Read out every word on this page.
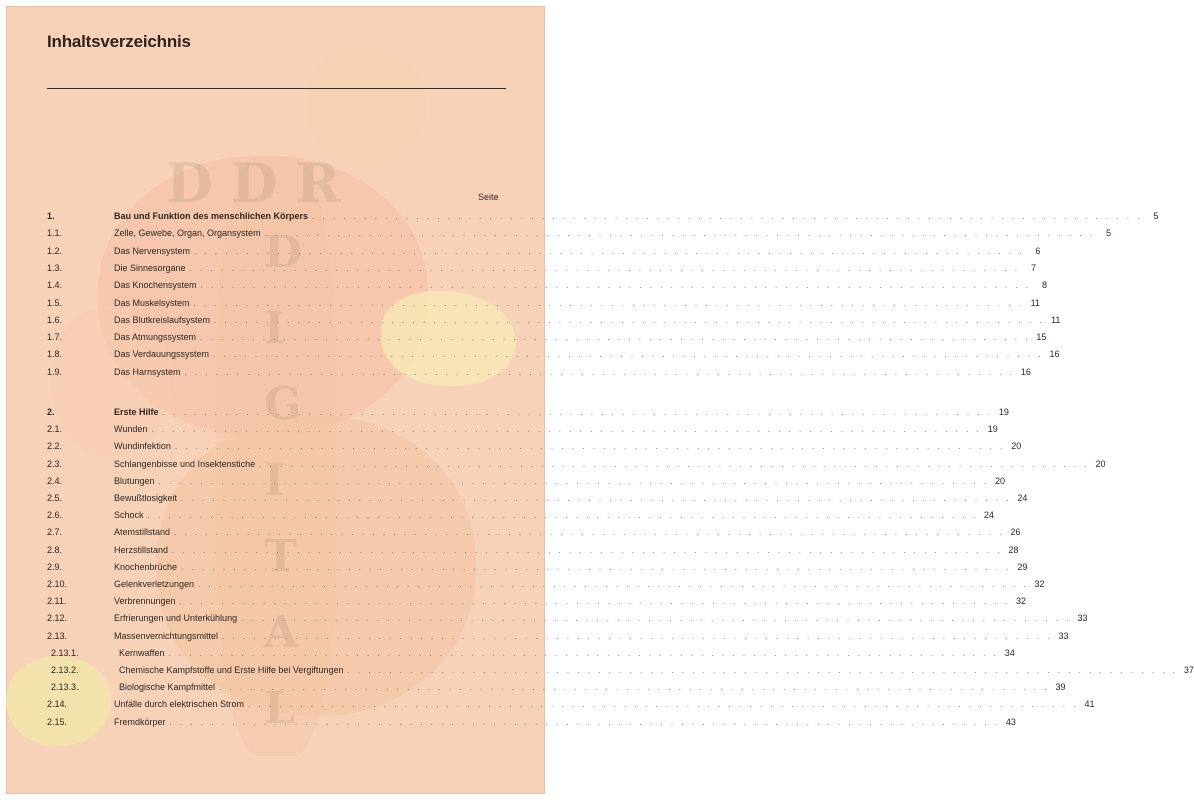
DDR
D
I
G
I
T
A
L
Inhaltsverzeichnis
Seite
1.	Bau und Funktion des menschlichen Körpers . . . . . . . . . . . . . . . . . . . . . . . . . . . . . . . . . . . . . . . . . . . . . . . . . . . . . . . . . . . . . . . . . . . . . . . . . . . . . . . .	5
1.1.	Zelle, Gewebe, Organ, Organsystem . . . . . . . . . . . . . . . . . . . . . . . . . . . . . . . . . . . . . . . . . . . . . . . . . . . . . . . . . . . . . . . . . . . . . . . . . . . . . . . .	5
1.2.	Das Nervensystem . . . . . . . . . . . . . . . . . . . . . . . . . . . . . . . . . . . . . . . . . . . . . . . . . . . . . . . . . . . . . . . . . . . . . . . . . . . . . . . .	6
1.3.	Die Sinnesorgane . . . . . . . . . . . . . . . . . . . . . . . . . . . . . . . . . . . . . . . . . . . . . . . . . . . . . . . . . . . . . . . . . . . . . . . . . . . . . . . .	7
1.4.	Das Knochensystem . . . . . . . . . . . . . . . . . . . . . . . . . . . . . . . . . . . . . . . . . . . . . . . . . . . . . . . . . . . . . . . . . . . . . . . . . . . . . . . .	8
1.5.	Das Muskelsystem . . . . . . . . . . . . . . . . . . . . . . . . . . . . . . . . . . . . . . . . . . . . . . . . . . . . . . . . . . . . . . . . . . . . . . . . . . . . . . . . 11
1.6.	Das Blutkreislaufsystem . . . . . . . . . . . . . . . . . . . . . . . . . . . . . . . . . . . . . . . . . . . . . . . . . . . . . . . . . . . . . . . . . . . . . . . . . . . . . . . . 11
1.7.	Das Atmungssystem . . . . . . . . . . . . . . . . . . . . . . . . . . . . . . . . . . . . . . . . . . . . . . . . . . . . . . . . . . . . . . . . . . . . . . . . . . . . . . . . 15
1.8.	Das Verdauungssystem . . . . . . . . . . . . . . . . . . . . . . . . . . . . . . . . . . . . . . . . . . . . . . . . . . . . . . . . . . . . . . . . . . . . . . . . . . . . . . . . 16
1.9.	Das Harnsystem . . . . . . . . . . . . . . . . . . . . . . . . . . . . . . . . . . . . . . . . . . . . . . . . . . . . . . . . . . . . . . . . . . . . . . . . . . . . . . . . 16
2.	Erste Hilfe . . . . . . . . . . . . . . . . . . . . . . . . . . . . . . . . . . . . . . . . . . . . . . . . . . . . . . . . . . . . . . . . . . . . . . . . . . . . . . . . 19
2.1.	Wunden . . . . . . . . . . . . . . . . . . . . . . . . . . . . . . . . . . . . . . . . . . . . . . . . . . . . . . . . . . . . . . . . . . . . . . . . . . . . . . . . 19
2.2.	Wundinfektion . . . . . . . . . . . . . . . . . . . . . . . . . . . . . . . . . . . . . . . . . . . . . . . . . . . . . . . . . . . . . . . . . . . . . . . . . . . . . . . . 20
2.3.	Schlangenbisse und Insektenstiche . . . . . . . . . . . . . . . . . . . . . . . . . . . . . . . . . . . . . . . . . . . . . . . . . . . . . . . . . . . . . . . . . . . . . . . . . . . . . . . . 20
2.4.	Blutungen . . . . . . . . . . . . . . . . . . . . . . . . . . . . . . . . . . . . . . . . . . . . . . . . . . . . . . . . . . . . . . . . . . . . . . . . . . . . . . . . 20
2.5.	Bewußtlosigkeit . . . . . . . . . . . . . . . . . . . . . . . . . . . . . . . . . . . . . . . . . . . . . . . . . . . . . . . . . . . . . . . . . . . . . . . . . . . . . . . . 24
2.6.	Schock . . . . . . . . . . . . . . . . . . . . . . . . . . . . . . . . . . . . . . . . . . . . . . . . . . . . . . . . . . . . . . . . . . . . . . . . . . . . . . . . 24
2.7.	Atemstillstand . . . . . . . . . . . . . . . . . . . . . . . . . . . . . . . . . . . . . . . . . . . . . . . . . . . . . . . . . . . . . . . . . . . . . . . . . . . . . . . . 26
2.8.	Herzstillstand . . . . . . . . . . . . . . . . . . . . . . . . . . . . . . . . . . . . . . . . . . . . . . . . . . . . . . . . . . . . . . . . . . . . . . . . . . . . . . . . 28
2.9.	Knochenbrüche . . . . . . . . . . . . . . . . . . . . . . . . . . . . . . . . . . . . . . . . . . . . . . . . . . . . . . . . . . . . . . . . . . . . . . . . . . . . . . . . 29
2.10.	Gelenkverletzungen . . . . . . . . . . . . . . . . . . . . . . . . . . . . . . . . . . . . . . . . . . . . . . . . . . . . . . . . . . . . . . . . . . . . . . . . . . . . . . . . 32
2.11.	Verbrennungen . . . . . . . . . . . . . . . . . . . . . . . . . . . . . . . . . . . . . . . . . . . . . . . . . . . . . . . . . . . . . . . . . . . . . . . . . . . . . . . . 32
2.12.	Erfrierungen und Unterkühlung . . . . . . . . . . . . . . . . . . . . . . . . . . . . . . . . . . . . . . . . . . . . . . . . . . . . . . . . . . . . . . . . . . . . . . . . . . . . . . . . 33
2.13.	Massenvernichtungsmittel . . . . . . . . . . . . . . . . . . . . . . . . . . . . . . . . . . . . . . . . . . . . . . . . . . . . . . . . . . . . . . . . . . . . . . . . . . . . . . . . 33
2.13.1.	Kernwaffen . . . . . . . . . . . . . . . . . . . . . . . . . . . . . . . . . . . . . . . . . . . . . . . . . . . . . . . . . . . . . . . . . . . . . . . . . . . . . . . . 34
2.13.2.	Chemische Kampfstoffe und Erste Hilfe bei Vergiftungen . . . . . . . . . . . . . . . . . . . . . . . . . . . . . . . . . . . . . . . . . . . . . . . . . . . . . . . . . . . . . . . . . . . . . . . . . . . . . . . . 37
2.13.3.	Biologische Kampfmittel . . . . . . . . . . . . . . . . . . . . . . . . . . . . . . . . . . . . . . . . . . . . . . . . . . . . . . . . . . . . . . . . . . . . . . . . . . . . . . . . 39
2.14.	Unfälle durch elektrischen Strom . . . . . . . . . . . . . . . . . . . . . . . . . . . . . . . . . . . . . . . . . . . . . . . . . . . . . . . . . . . . . . . . . . . . . . . . . . . . . . . . 41
2.15.	Fremdkörper . . . . . . . . . . . . . . . . . . . . . . . . . . . . . . . . . . . . . . . . . . . . . . . . . . . . . . . . . . . . . . . . . . . . . . . . . . . . . . . . 43
